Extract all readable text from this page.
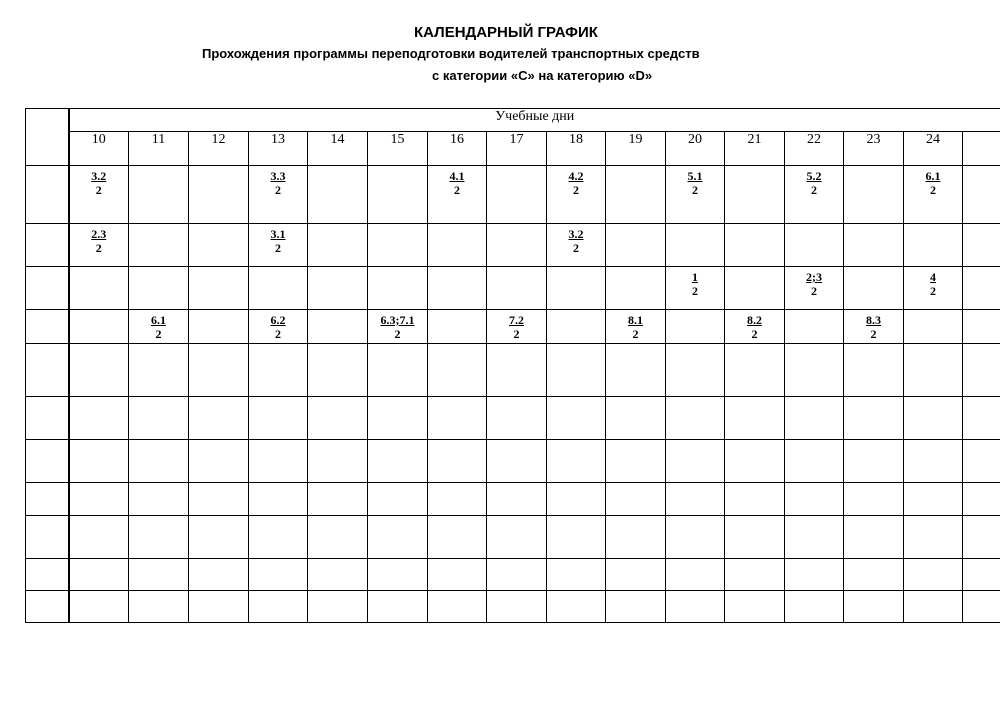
КАЛЕНДАРНЫЙ ГРАФИК
Прохождения программы переподготовки водителей транспортных средств
с категории «С» на категорию «D»
	Учебные дни															
	10	11	12	13	14	15	16	17	18	19	20	21	22	23	24	

	$\frac{3.2}{2}$			$\frac{3.3}{2}$			$\frac{4.1}{2}$		$\frac{4.2}{2}$		$\frac{5.1}{2}$		$\frac{5.2}{2}$		$\frac{6.1}{2}$

	$\frac{2.3}{2}$			$\frac{3.1}{2}$					$\frac{3.2}{2}$

											$\frac{1}{2}$		$\frac{2;3}{2}$		$\frac{4}{2}$

		$\frac{6.1}{2}$		$\frac{6.2}{2}$		$\frac{6.3;7.1}{2}$		$\frac{7.2}{2}$		$\frac{8.1}{2}$		$\frac{8.2}{2}$		$\frac{8.3}{2}$
